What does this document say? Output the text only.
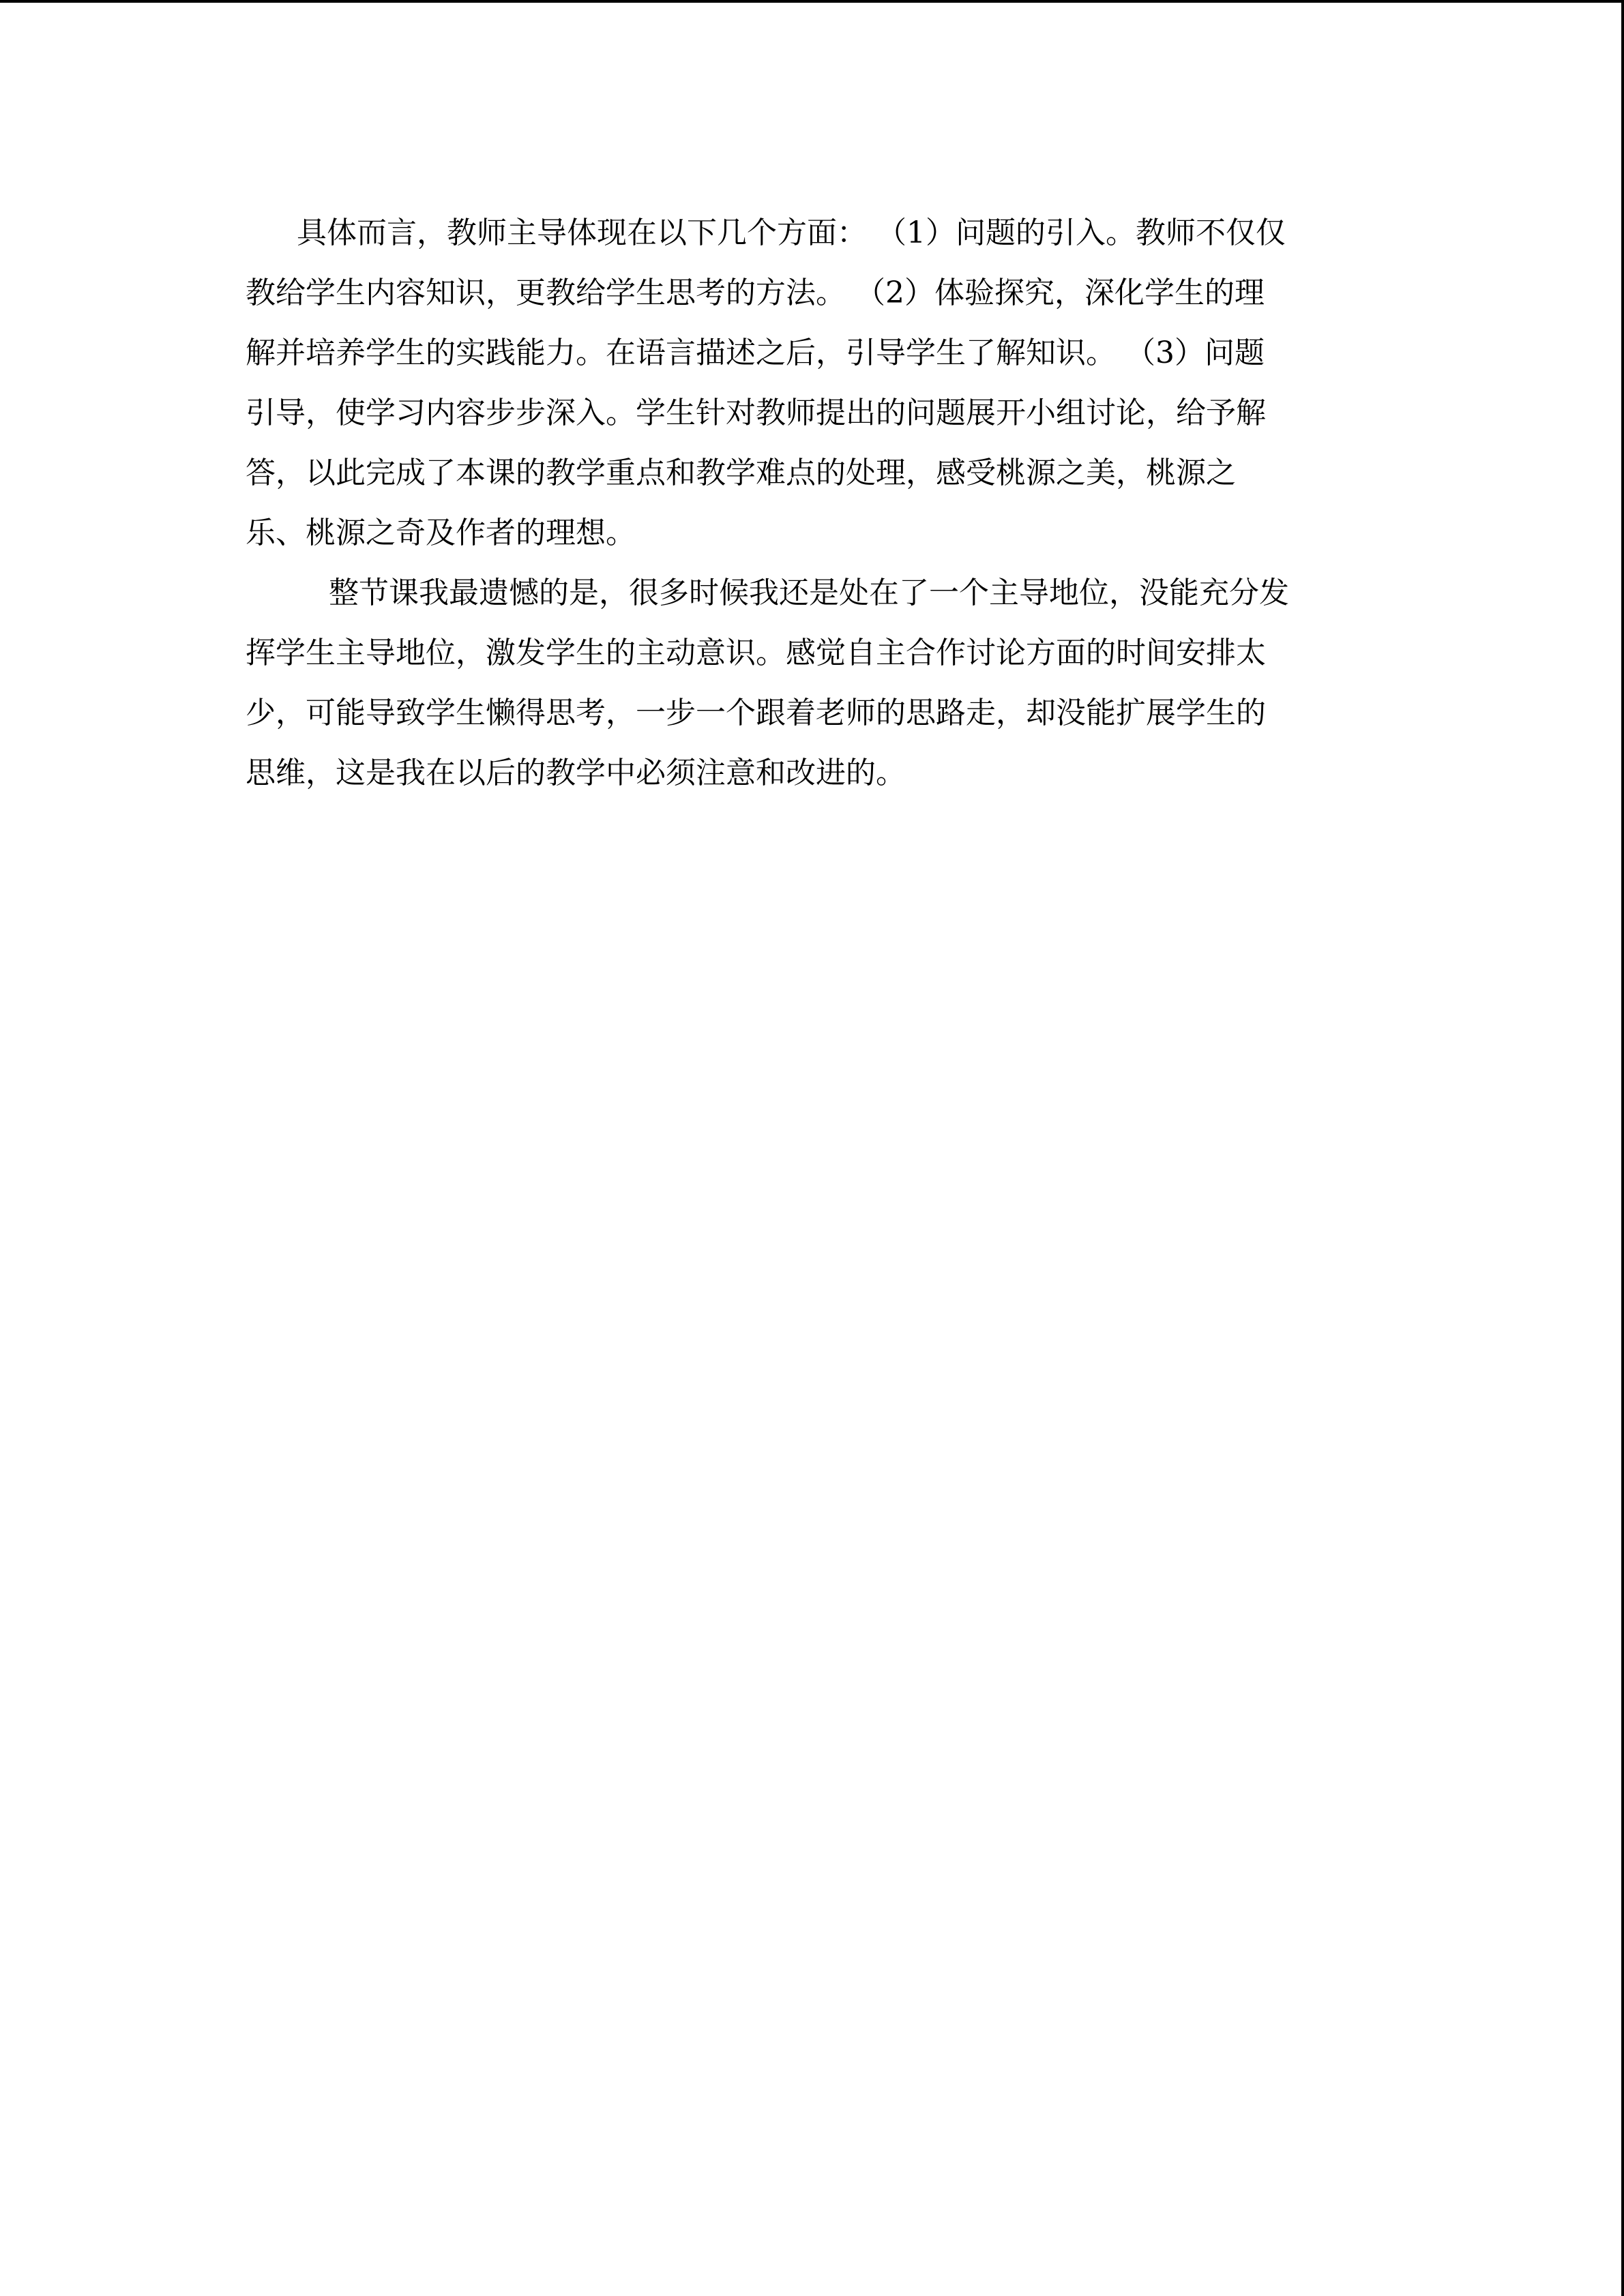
具体而言，教师主导体现在以下几个方面： （1）问题的引入。教师不仅仅
教给学生内容知识，更教给学生思考的方法。 （2）体验探究，深化学生的理
解并培养学生的实践能力。在语言描述之后，引导学生了解知识。 （3）问题
引导，使学习内容步步深入。学生针对教师提出的问题展开小组讨论，给予解
答，以此完成了本课的教学重点和教学难点的处理，感受桃源之美，桃源之
乐、桃源之奇及作者的理想。
整节课我最遗憾的是，很多时候我还是处在了一个主导地位，没能充分发
挥学生主导地位，激发学生的主动意识。感觉自主合作讨论方面的时间安排太
少，可能导致学生懒得思考，一步一个跟着老师的思路走，却没能扩展学生的
思维，这是我在以后的教学中必须注意和改进的。
